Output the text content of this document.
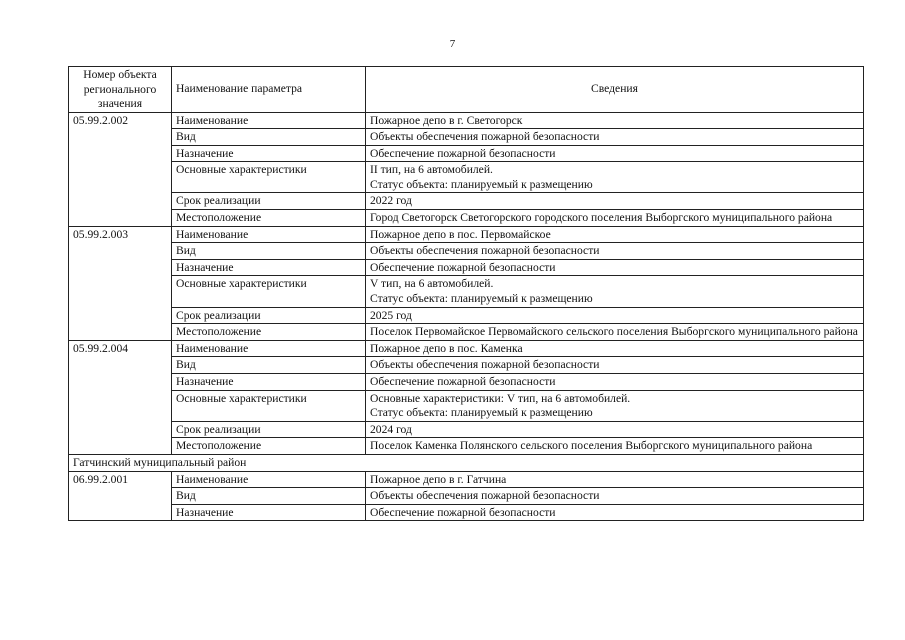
7
Номер объекта регионального значения	Наименование параметра	Сведения
05.99.2.002	Наименование	Пожарное депо в г. Светогорск

	Вид	Объекты обеспечения пожарной безопасности

	Назначение	Обеспечение пожарной безопасности

	Основные характеристики	II тип, на 6 автомобилей.
Статус объекта: планируемый к размещению

	Срок реализации	2022 год

	Местоположение	Город Светогорск Светогорского городского поселения Выборгского муниципального района

05.99.2.003	Наименование	Пожарное депо в пос. Первомайское

	Вид	Объекты обеспечения пожарной безопасности

	Назначение	Обеспечение пожарной безопасности

	Основные характеристики	V тип, на 6 автомобилей.
Статус объекта: планируемый к размещению

	Срок реализации	2025 год

	Местоположение	Поселок Первомайское Первомайского сельского поселения Выборгского муниципального района

05.99.2.004	Наименование	Пожарное депо в пос. Каменка

	Вид	Объекты обеспечения пожарной безопасности

	Назначение	Обеспечение пожарной безопасности

	Основные характеристики	Основные характеристики: V тип, на 6 автомобилей.
Статус объекта: планируемый к размещению

	Срок реализации	2024 год

	Местоположение	Поселок Каменка Полянского сельского поселения Выборгского муниципального района

Гатчинский муниципальный район		
06.99.2.001	Наименование	Пожарное депо в г. Гатчина

	Вид	Объекты обеспечения пожарной безопасности

	Назначение	Обеспечение пожарной безопасности
